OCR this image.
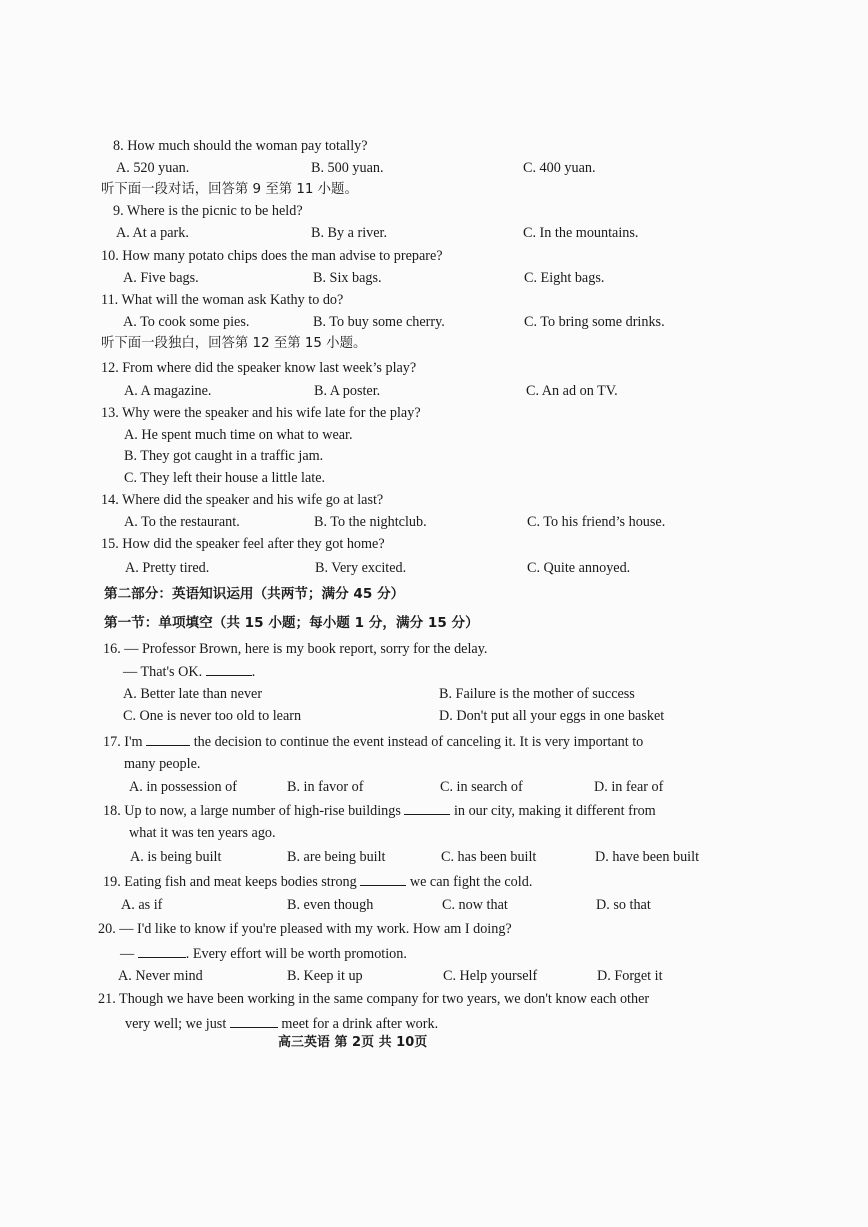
8. How much should the woman pay totally?
A. 520 yuan.	B. 500 yuan.	C. 400 yuan.
听下面一段对话，回答第 9 至第 11 小题。
9. Where is the picnic to be held?
A. At a park.	B. By a river.	C. In the mountains.
10. How many potato chips does the man advise to prepare?
A. Five bags.	B. Six bags.	C. Eight bags.
11. What will the woman ask Kathy to do?
A. To cook some pies.	B. To buy some cherry.	C. To bring some drinks.
听下面一段独白，回答第 12 至第 15 小题。
12. From where did the speaker know last week’s play?
A. A magazine.	B. A poster.	C. An ad on TV.
13. Why were the speaker and his wife late for the play?
A. He spent much time on what to wear.
B. They got caught in a traffic jam.
C. They left their house a little late.
14. Where did the speaker and his wife go at last?
A. To the restaurant.	B. To the nightclub.	C. To his friend’s house.
15. How did the speaker feel after they got home?
A. Pretty tired.	B. Very excited.	C. Quite annoyed.
第二部分：英语知识运用（共两节；满分 45 分）
第一节：单项填空（共 15 小题；每小题 1 分，满分 15 分）
16. — Professor Brown, here is my book report, sorry for the delay.
— That's OK.	.
A. Better late than never	B. Failure is the mother of success
C. One is never too old to learn	D. Don't put all your eggs in one basket
17. I'm	the decision to continue the event instead of canceling it. It is very important to
many people.
A. in possession of	B. in favor of	C. in search of	D. in fear of
18. Up to now, a large number of high-rise buildings	in our city, making it different from
what it was ten years ago.
A. is being built	B. are being built	C. has been built	D. have been built
19. Eating fish and meat keeps bodies strong	we can fight the cold.
A. as if	B. even though	C. now that	D. so that
20. — I'd like to know if you're pleased with my work. How am I doing?
—	. Every effort will be worth promotion.
A. Never mind	B. Keep it up	C. Help yourself	D. Forget it
21. Though we have been working in the same company for two years, we don't know each other
very well; we just	meet for a drink after work.
高三英语 第 2页 共 10页
